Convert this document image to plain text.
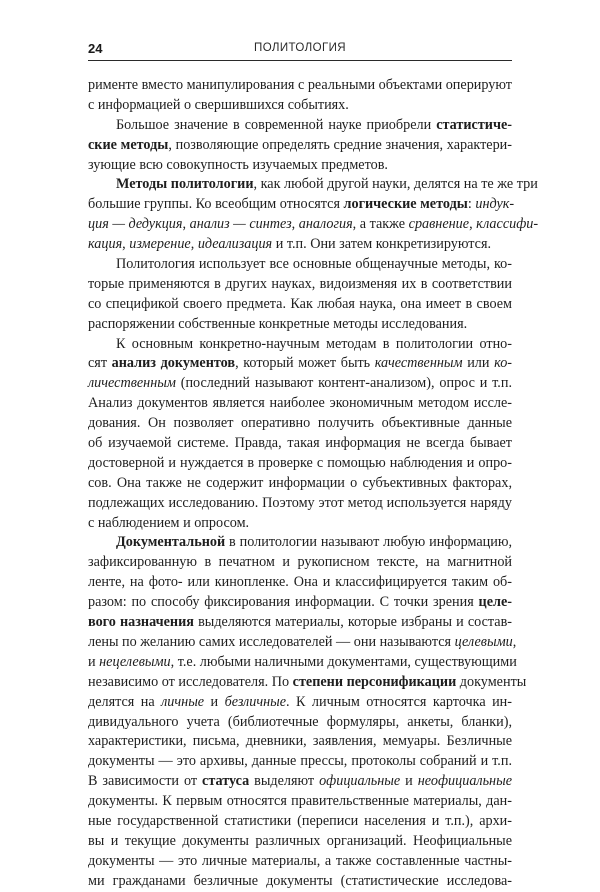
24	ПОЛИТОЛОГИЯ
рименте вместо манипулирования с реальными объектами оперируют
с информацией о свершившихся событиях.
Большое значение в современной науке приобрели статистиче-
ские методы, позволяющие определять средние значения, характери-
зующие всю совокупность изучаемых предметов.
Методы политологии, как любой другой науки, делятся на те же три
большие группы. Ко всеобщим относятся логические методы: индук-
ция — дедукция, анализ — синтез, аналогия, а также сравнение, классифи-
кация, измерение, идеализация и т.п. Они затем конкретизируются.
Политология использует все основные общенаучные методы, ко-
торые применяются в других науках, видоизменяя их в соответствии
со спецификой своего предмета. Как любая наука, она имеет в своем
распоряжении собственные конкретные методы исследования.
К основным конкретно-научным методам в политологии отно-
сят анализ документов, который может быть качественным или ко-
личественным (последний называют контент-анализом), опрос и т.п.
Анализ документов является наиболее экономичным методом иссле-
дования. Он позволяет оперативно получить объективные данные
об изучаемой системе. Правда, такая информация не всегда бывает
достоверной и нуждается в проверке с помощью наблюдения и опро-
сов. Она также не содержит информации о субъективных факторах,
подлежащих исследованию. Поэтому этот метод используется наряду
с наблюдением и опросом.
Документальной в политологии называют любую информацию,
зафиксированную в печатном и рукописном тексте, на магнитной
ленте, на фото- или кинопленке. Она и классифицируется таким об-
разом: по способу фиксирования информации. С точки зрения целе-
вого назначения выделяются материалы, которые избраны и состав-
лены по желанию самих исследователей — они называются целевыми,
и нецелевыми, т.е. любыми наличными документами, существующими
независимо от исследователя. По степени персонификации документы
делятся на личные и безличные. К личным относятся карточка ин-
дивидуального учета (библиотечные формуляры, анкеты, бланки),
характеристики, письма, дневники, заявления, мемуары. Безличные
документы — это архивы, данные прессы, протоколы собраний и т.п.
В зависимости от статуса выделяют официальные и неофициальные
документы. К первым относятся правительственные материалы, дан-
ные государственной статистики (переписи населения и т.п.), архи-
вы и текущие документы различных организаций. Неофициальные
документы — это личные материалы, а также составленные частны-
ми гражданами безличные документы (статистические исследова-
